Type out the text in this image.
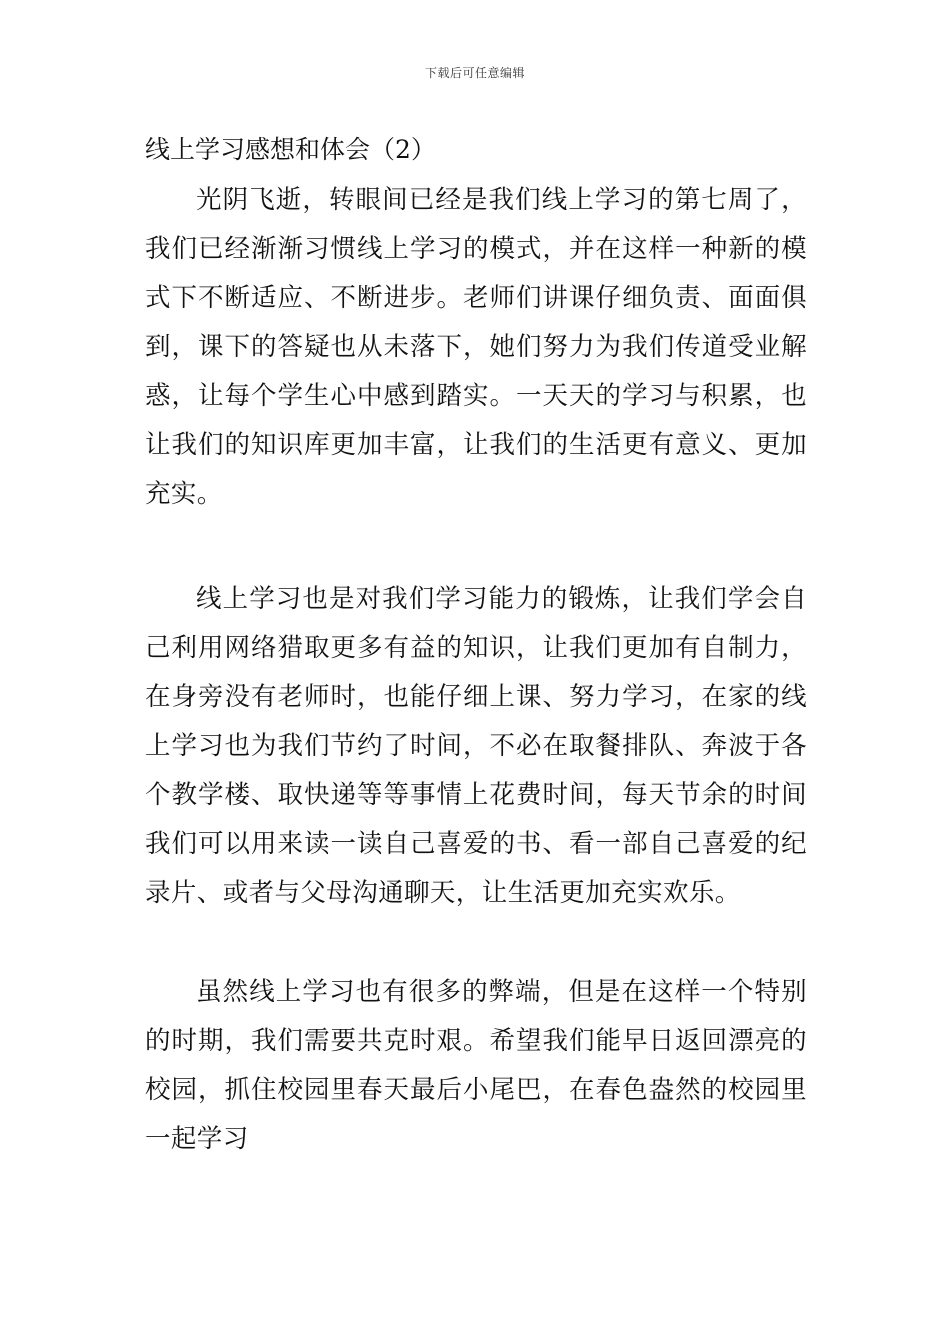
下载后可任意编辑
线上学习感想和体会（2）

光阴飞逝，转眼间已经是我们线上学习的第七周了，我们已经渐渐习惯线上学习的模式，并在这样一种新的模式下不断适应、不断进步。老师们讲课仔细负责、面面俱到，课下的答疑也从未落下，她们努力为我们传道受业解惑，让每个学生心中感到踏实。一天天的学习与积累，也让我们的知识库更加丰富，让我们的生活更有意义、更加充实。

线上学习也是对我们学习能力的锻炼，让我们学会自己利用网络猎取更多有益的知识，让我们更加有自制力，在身旁没有老师时，也能仔细上课、努力学习，在家的线上学习也为我们节约了时间，不必在取餐排队、奔波于各个教学楼、取快递等等事情上花费时间，每天节余的时间我们可以用来读一读自己喜爱的书、看一部自己喜爱的纪录片、或者与父母沟通聊天，让生活更加充实欢乐。

虽然线上学习也有很多的弊端，但是在这样一个特别的时期，我们需要共克时艰。希望我们能早日返回漂亮的校园，抓住校园里春天最后小尾巴，在春色盎然的校园里一起学习
